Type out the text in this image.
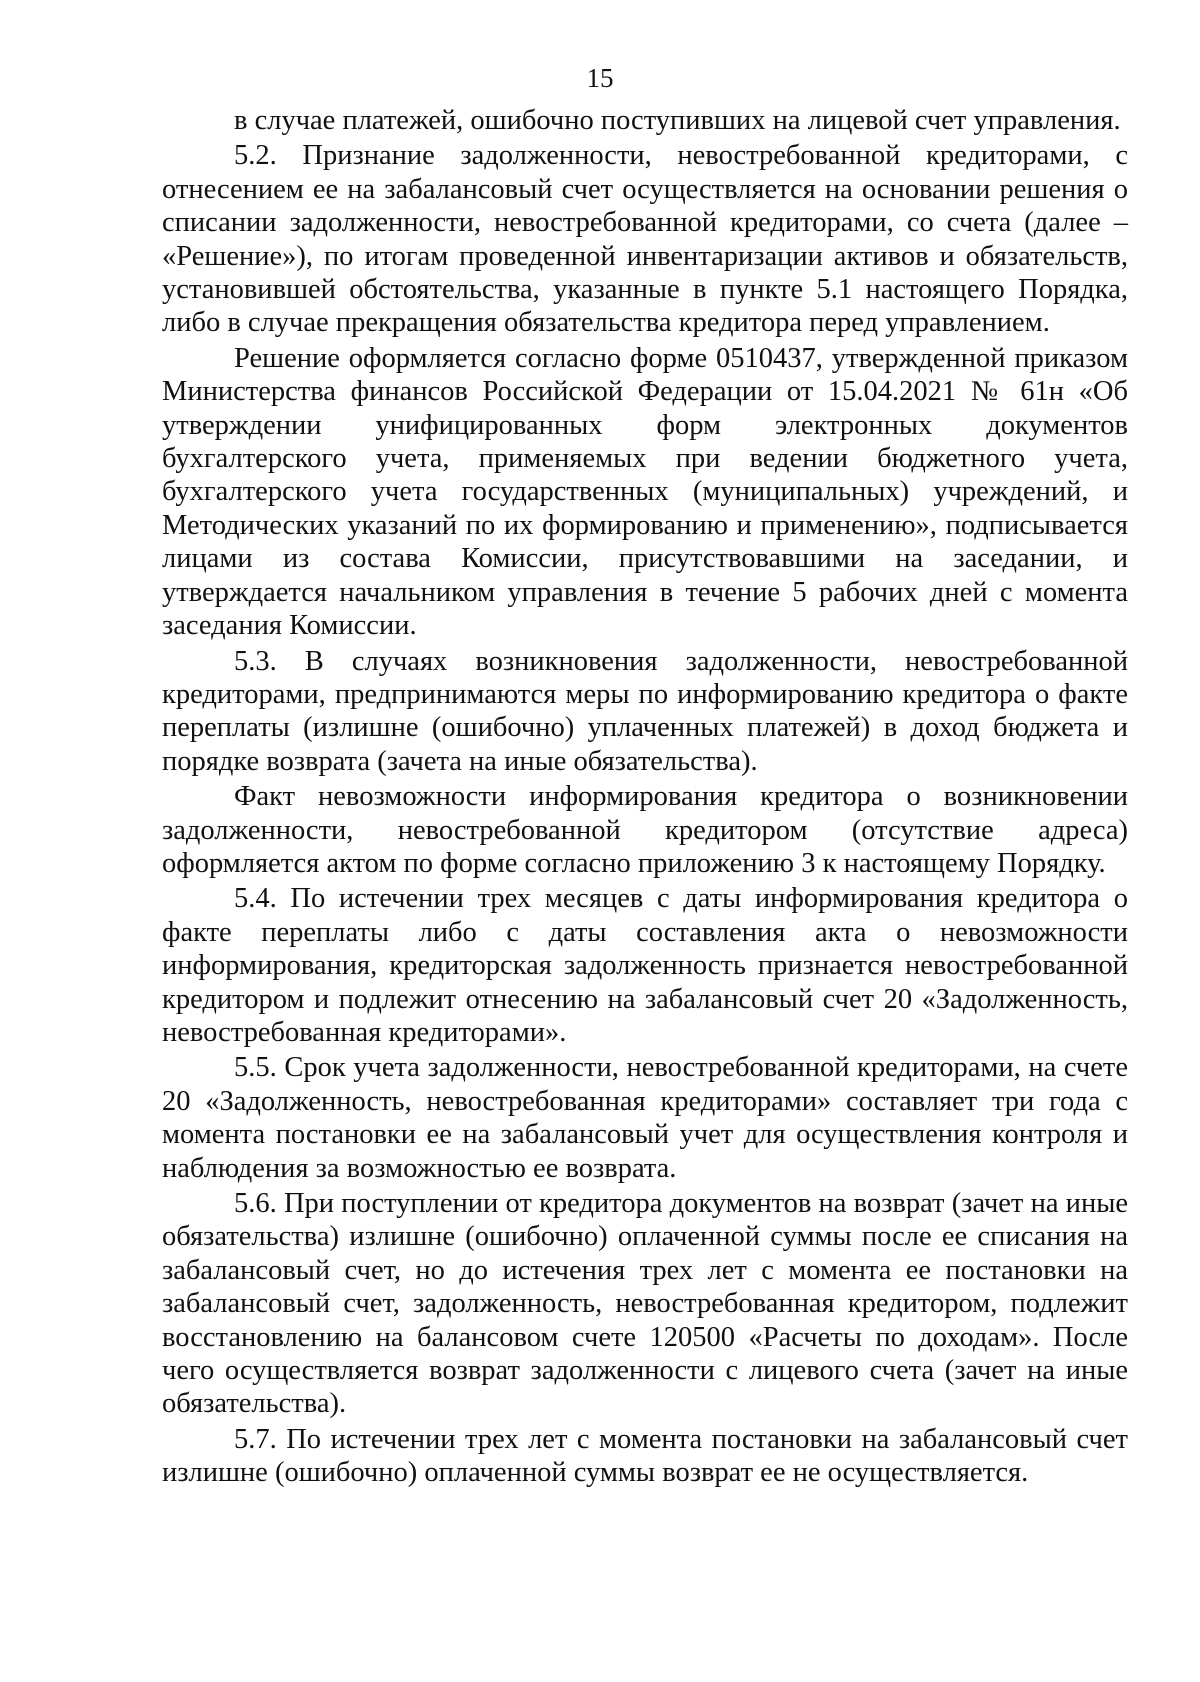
15

в случае платежей, ошибочно поступивших на лицевой счет управления.

5.2. Признание задолженности, невостребованной кредиторами, с отнесением ее на забалансовый счет осуществляется на основании решения о списании задолженности, невостребованной кредиторами, со счета (далее – «Решение»), по итогам проведенной инвентаризации активов и обязательств, установившей обстоятельства, указанные в пункте 5.1 настоящего Порядка, либо в случае прекращения обязательства кредитора перед управлением.

Решение оформляется согласно форме 0510437, утвержденной приказом Министерства финансов Российской Федерации от 15.04.2021 № 61н «Об утверждении унифицированных форм электронных документов бухгалтерского учета, применяемых при ведении бюджетного учета, бухгалтерского учета государственных (муниципальных) учреждений, и Методических указаний по их формированию и применению», подписывается лицами из состава Комиссии, присутствовавшими на заседании, и утверждается начальником управления в течение 5 рабочих дней с момента заседания Комиссии.

5.3. В случаях возникновения задолженности, невостребованной кредиторами, предпринимаются меры по информированию кредитора о факте переплаты (излишне (ошибочно) уплаченных платежей) в доход бюджета и порядке возврата (зачета на иные обязательства).

Факт невозможности информирования кредитора о возникновении задолженности, невостребованной кредитором (отсутствие адреса) оформляется актом по форме согласно приложению 3 к настоящему Порядку.

5.4. По истечении трех месяцев с даты информирования кредитора о факте переплаты либо с даты составления акта о невозможности информирования, кредиторская задолженность признается невостребованной кредитором и подлежит отнесению на забалансовый счет 20 «Задолженность, невостребованная кредиторами».

5.5. Срок учета задолженности, невостребованной кредиторами, на счете 20 «Задолженность, невостребованная кредиторами» составляет три года с момента постановки ее на забалансовый учет для осуществления контроля и наблюдения за возможностью ее возврата.

5.6. При поступлении от кредитора документов на возврат (зачет на иные обязательства) излишне (ошибочно) оплаченной суммы после ее списания на забалансовый счет, но до истечения трех лет с момента ее постановки на забалансовый счет, задолженность, невостребованная кредитором, подлежит восстановлению на балансовом счете 120500 «Расчеты по доходам». После чего осуществляется возврат задолженности с лицевого счета (зачет на иные обязательства).

5.7. По истечении трех лет с момента постановки на забалансовый счет излишне (ошибочно) оплаченной суммы возврат ее не осуществляется.
